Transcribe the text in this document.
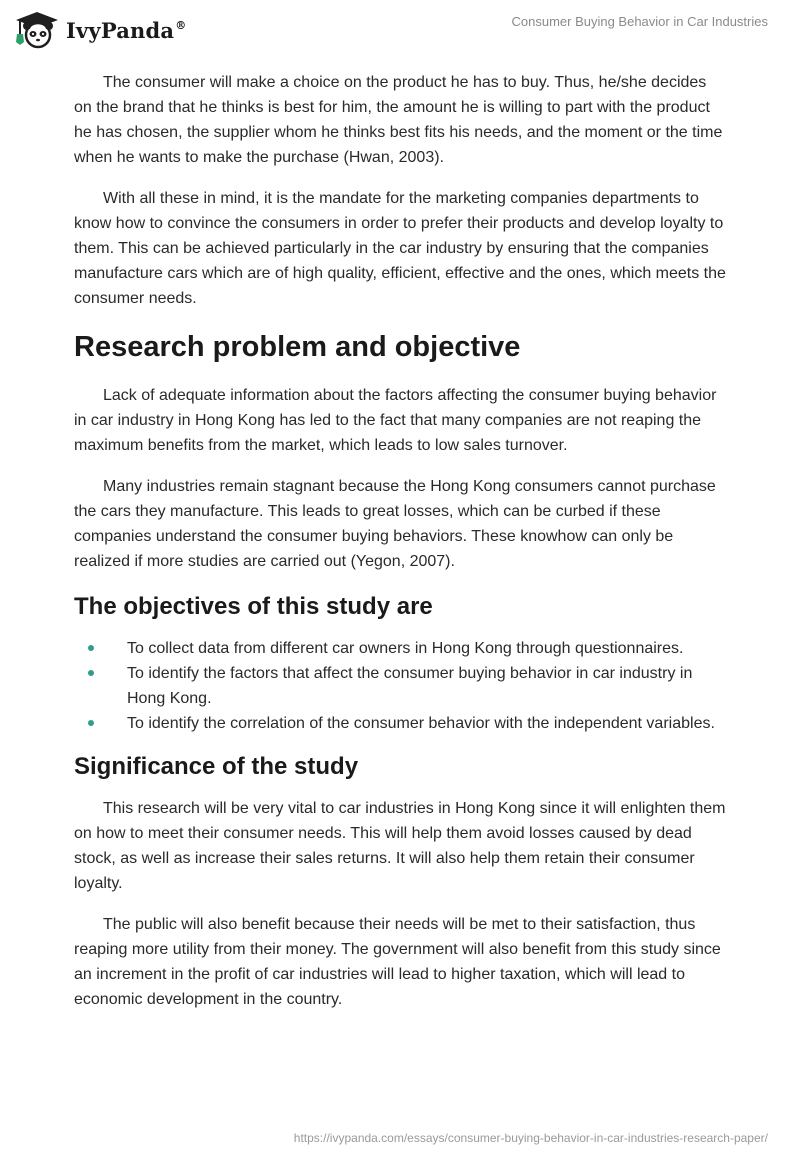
IvyPanda®	Consumer Buying Behavior in Car Industries

The consumer will make a choice on the product he has to buy. Thus, he/she decides on the brand that he thinks is best for him, the amount he is willing to part with the product he has chosen, the supplier whom he thinks best fits his needs, and the moment or the time when he wants to make the purchase (Hwan, 2003).

With all these in mind, it is the mandate for the marketing companies departments to know how to convince the consumers in order to prefer their products and develop loyalty to them. This can be achieved particularly in the car industry by ensuring that the companies manufacture cars which are of high quality, efficient, effective and the ones, which meets the consumer needs.

Research problem and objective

Lack of adequate information about the factors affecting the consumer buying behavior in car industry in Hong Kong has led to the fact that many companies are not reaping the maximum benefits from the market, which leads to low sales turnover.

Many industries remain stagnant because the Hong Kong consumers cannot purchase the cars they manufacture. This leads to great losses, which can be curbed if these companies understand the consumer buying behaviors. These knowhow can only be realized if more studies are carried out (Yegon, 2007).

The objectives of this study are
To collect data from different car owners in Hong Kong through questionnaires.
To identify the factors that affect the consumer buying behavior in car industry in Hong Kong.
To identify the correlation of the consumer behavior with the independent variables.
Significance of the study

This research will be very vital to car industries in Hong Kong since it will enlighten them on how to meet their consumer needs. This will help them avoid losses caused by dead stock, as well as increase their sales returns. It will also help them retain their consumer loyalty.

The public will also benefit because their needs will be met to their satisfaction, thus reaping more utility from their money. The government will also benefit from this study since an increment in the profit of car industries will lead to higher taxation, which will lead to economic development in the country.

https://ivypanda.com/essays/consumer-buying-behavior-in-car-industries-research-paper/
